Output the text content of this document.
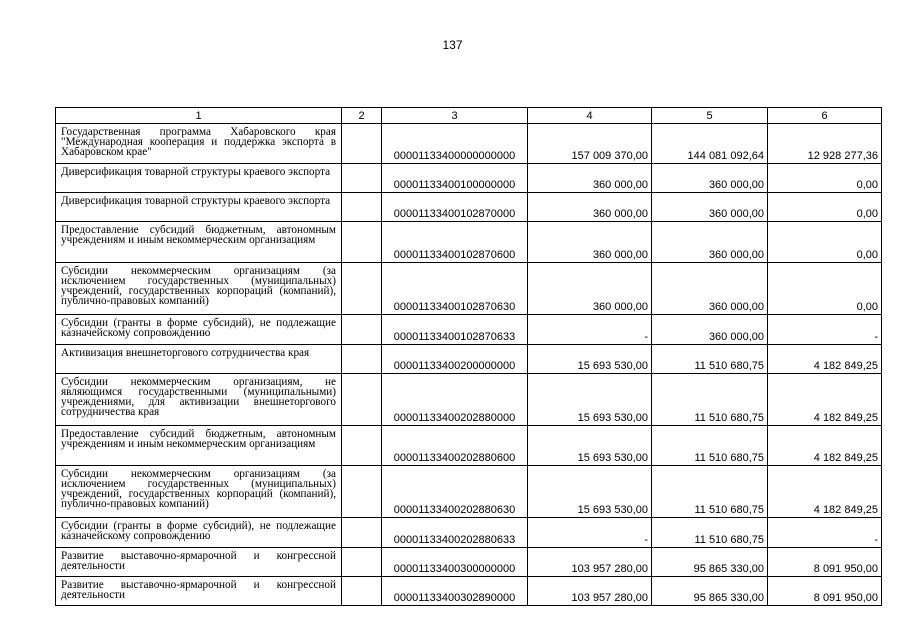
137
1	2	3	4	5	6
Государственная программа Хабаровского края "Международная кооперация и поддержка экспорта в Хабаровском крае"		00001133400000000000	157 009 370,00	144 081 092,64	12 928 277,36
Диверсификация товарной структуры краевого экспорта		00001133400100000000	360 000,00	360 000,00	0,00
Диверсификация товарной структуры краевого экспорта		00001133400102870000	360 000,00	360 000,00	0,00
Предоставление субсидий бюджетным, автономным учреждениям и иным некоммерческим организациям		00001133400102870600	360 000,00	360 000,00	0,00
Субсидии некоммерческим организациям (за исключением государственных (муниципальных) учреждений, государственных корпораций (компаний), публично-правовых компаний)		00001133400102870630	360 000,00	360 000,00	0,00
Субсидии (гранты в форме субсидий), не подлежащие казначейскому сопровождению		00001133400102870633	-	360 000,00	-
Активизация внешнеторгового сотрудничества края		00001133400200000000	15 693 530,00	11 510 680,75	4 182 849,25
Субсидии некоммерческим организациям, не являющимся государственными (муниципальными) учреждениями, для активизации внешнеторгового сотрудничества края		00001133400202880000	15 693 530,00	11 510 680,75	4 182 849,25
Предоставление субсидий бюджетным, автономным учреждениям и иным некоммерческим организациям		00001133400202880600	15 693 530,00	11 510 680,75	4 182 849,25
Субсидии некоммерческим организациям (за исключением государственных (муниципальных) учреждений, государственных корпораций (компаний), публично-правовых компаний)		00001133400202880630	15 693 530,00	11 510 680,75	4 182 849,25
Субсидии (гранты в форме субсидий), не подлежащие казначейскому сопровождению		00001133400202880633	-	11 510 680,75	-
Развитие выставочно-ярмарочной и конгрессной деятельности		00001133400300000000	103 957 280,00	95 865 330,00	8 091 950,00
Развитие выставочно-ярмарочной и конгрессной деятельности		00001133400302890000	103 957 280,00	95 865 330,00	8 091 950,00
